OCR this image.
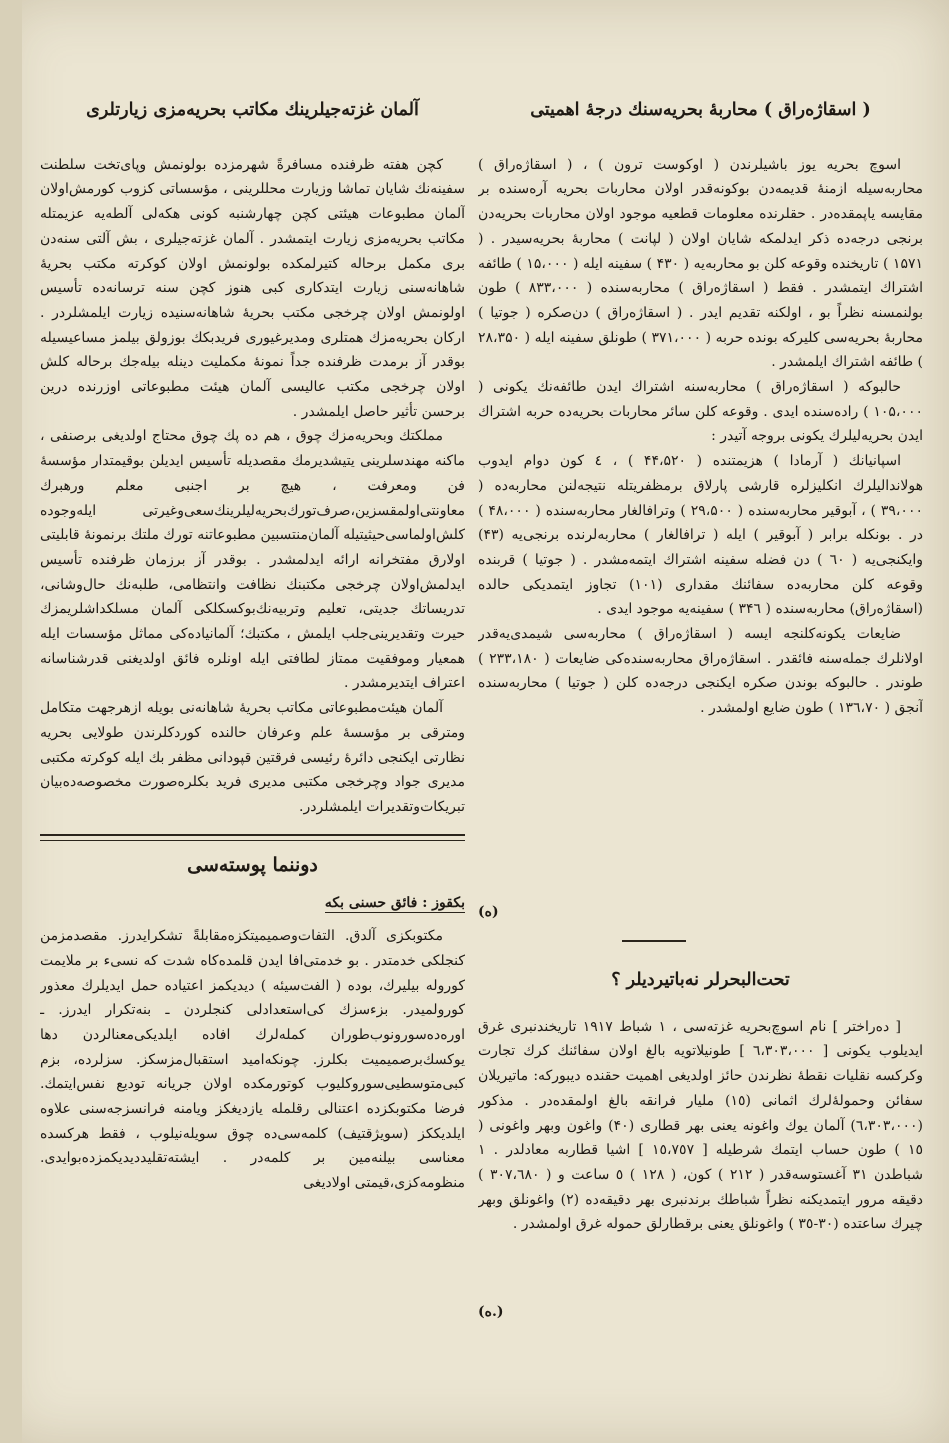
( اسقاژه‌راق ) محاربهٔ بحریه‌سنك درجهٔ اهمیتی

اسوچ بحریه یوز باشیلرندن ( اوکوست ترون ) ، ( اسقاژه‌راق ) محاربه‌سیله ازمنهٔ قدیمه‌دن بوکونه‌قدر اولان محاربات بحریه آره‌سنده بر مقایسه یاپمقده‌در . حقلرنده معلومات قطعیه موجود اولان محاربات بحریه‌دن برنجی درجه‌ده ذکر ایدلمکه شایان اولان ( لپانت ) محاربهٔ بحریه‌سیدر . ( ۱۵۷۱ ) تاریخنده وقوعه کلن بو محاربه‌یه ( ۴۳۰ ) سفینه ایله ( ۱۵،۰۰۰ ) طائفه اشتراك ایتمشدر . فقط ( اسقاژه‌راق ) محاربه‌سنده ( ۸۳۳،۰۰۰ ) طون بولنمسنه نظراً بو ، اولکنه تقدیم ایدر . ( اسقاژه‌راق ) دن‌صکره ( جوتیا ) محاربهٔ بحریه‌سی کلیرکه بونده حربه ( ۳۷۱،۰۰۰ ) طونلق سفینه ایله ( ۲۸،۳۵۰ ) طائفه اشتراك ایلمشدر .

حالبوکه ( اسقاژه‌راق ) محاربه‌سنه اشتراك ایدن طائفه‌نك یکونی ( ۱۰۵،۰۰۰ ) راده‌سنده ایدی . وقوعه کلن سائر محاربات بحریه‌ده حربه اشتراك ایدن بحریه‌لیلرك یکونی بروجه آتیدر :

اسپانیانك ( آرمادا ) هزیمتنده ( ۴۴،۵۲۰ ) ، ٤ کون دوام ایدوب هولاندالیلرك انکلیزلره قارشی پارلاق برمظفریتله نتیجه‌لنن محاربه‌ده ( ۳۹،۰۰۰ ) ، آبوقیر محاربه‌سنده ( ۲۹،۵۰۰ ) وترافالغار محاربه‌سنده ( ۴۸،۰۰۰ ) در . بونکله برابر ( آبوقیر ) ایله ( ترافالغار ) محاربه‌لرنده برنجی‌یه (۴۳) وایکنجی‌یه ( ٦۰ ) دن فضله سفینه اشتراك ایتمه‌مشدر . ( جوتیا ) قربنده وقوعه کلن محاربه‌ده سفائنك مقداری (۱۰۱) تجاوز ایتمدیکی حالده (اسقاژه‌راق) محاربه‌سنده ( ۳۴٦ ) سفینه‌یه موجود ایدی .

ضایعات یکونه‌کلنجه ایسه ( اسقاژه‌راق ) محاربه‌سی شیمدی‌یه‌قدر اولانلرك جمله‌سنه فائقدر . اسقاژه‌راق محاربه‌سنده‌کی ضایعات ( ۲۳۳،۱۸۰ ) طوندر . حالبوکه بوندن صکره ایکنجی درجه‌ده کلن ( جوتیا ) محاربه‌سنده آنجق ( ۱۳٦،۷۰ ) طون ضایع اولمشدر .

(ه)
تحت‌البحرلر نه‌باتیردیلر ؟

[ ده‌راختر ] نام اسوچ‌بحریه غزته‌سی ، ۱ شباط ۱۹۱۷ تاریخندنبری غرق ایدیلوب یکونی [ ٦،۳۰۳،۰۰۰ ] طونیلاتویه بالغ اولان سفائنك کرك تجارت وکرکسه نقلیات نقطهٔ نظرندن حائز اولدیغی اهمیت حقنده دیبورکه: ماتیریلان سفائن وحمولهٔ‌لرك اثمانی (۱٥) ملیار فرانقه بالغ اولمقده‌در . مذکور (٦،۳۰۳،۰۰۰) آلمان یوك واغونه یعنی بهر قطاری (۴۰) واغون وبهر واغونی ( ۱٥ ) طون حساب ایتمك شرطیله [ ۱٥،۷٥۷ ] اشیا قطاربه معادلدر . ۱ شباطدن ۳۱ آغستوسه‌قدر ( ۲۱۲ ) کون، ( ۱۲۸ ) ٥ ساعت و ( ۳۰۷،٦۸۰ ) دقیقه مرور ایتمدیکنه نظراً شباطك برندنبری بهر دقیقه‌ده (۲) واغونلق وبهر چیرك ساعتده (۳۰-۳٥ ) واغونلق یعنی برقطارلق حموله غرق اولمشدر .

(ه.)
آلمان غزته‌جیلرینك مکاتب بحریه‌مزی زیارتلری

کچن هفته ظرفنده مسافرةً شهرمزده بولونمش وپای‌تخت سلطنت سفینه‌نك شایان تماشا وزیارت محللرینی ، مؤسساتی کزوب کورمش‌اولان آلمان مطبوعات هیئتی کچن چهارشنبه کونی هکه‌لی آلطه‌یه عزیمتله مکاتب بحریه‌مزی زیارت ایتمشدر . آلمان غزته‌جیلری ، بش آلتی سنه‌دن بری مکمل برحاله کتیرلمکده بولونمش اولان کوکرته مکتب بحریهٔ شاهانه‌سنی زیارت ایتدکاری کبی هنوز کچن سنه ترسانه‌ده تأسیس اولونمش اولان چرخجی مکتب بحریهٔ شاهانه‌سنیده زیارت ایلمشلردر . ارکان بحریه‌مزك همتلری ومدیرغیوری فریدبکك بوزولق بیلمز مساعیسیله بوقدر آز برمدت ظرفنده جداً نمونهٔ مکملیت دینله بیله‌جك برحاله کلش اولان چرخجی مکتب عالیسی آلمان هیئت مطبوعاتی اوزرنده درین برحسن تأثیر حاصل ایلمشدر .

مملکتك وبحریه‌مزك چوق ، هم ده پك چوق محتاج اولدیغی برصنفی ، ماکنه مهندسلرینی یتیشدیرمك مقصدیله تأسیس ایدیلن بوقیمتدار مؤسسهٔ فن ومعرفت ، هیچ بر اجنبی معلم ورهبرك معاونتی‌اولمقسزین،صرف‌تورك‌بحریه‌لیلرینك‌سعی‌وغیرتی ایله‌وجوده کلش‌اولماسی‌حیثیتیله آلمان‌منتسبین مطبوعاتنه تورك ملتك برنمونهٔ قابلیتی اولارق مفتخرانه ارائه ایدلمشدر . بوقدر آز برزمان ظرفنده تأسیس ایدلمش‌اولان چرخجی مکتبنك نظافت وانتظامی، طلبه‌نك حال‌وشانی، تدریساتك جدیتی، تعلیم وتربیه‌نك‌بوکسکلکی آلمان مسلکداشلریمزك حیرت وتقدیرینی‌جلب ایلمش ، مکتبك؛ آلمانیاده‌کی مماثل مؤسسات ایله همعیار وموفقیت ممتاز لطافتی ایله اونلره فائق اولدیغنی قدرشناسانه اعتراف ایتدیرمشدر .

آلمان هیئت‌مطبوعاتی مکاتب بحریهٔ شاهانه‌نی بویله ازهرجهت متکامل ومترقی بر مؤسسهٔ علم وعرفان حالنده کوردکلرندن طولایی بحریه نظارتی ایکنجی دائرهٔ رئیسی فرقتین قپودانی مظفر بك ایله کوکرته مکتبی مدیری جواد وچرخجی مکتبی مدیری فرید بکلره‌صورت مخصوصه‌ده‌بیان تبریکات‌وتقدیرات ایلمشلردر.

دوننما پوسته‌سی
بکقوز : فائق حسنی بکه

مکتوبکزی آلدق. التفات‌وصمیمیتکزه‌مقابلةً تشکرایدرز. مقصدمزمن کنجلکی خدمتدر . بو خدمتی‌افا ایدن قلمده‌کاه شدت که نسیء بر ملایمت کوروله بیلیرك، بوده ( الفت‌سیئه ) دیدیکمز اعتیاده حمل ایدیلرك معذور کورولمیدر. بزءسزك کی‌استعدادلی کنجلردن ـ بنه‌تکرار ایدرز. ـ اوره‌ده‌سورونوب‌طوران کمله‌لرك افاده ایلدیکی‌معنالردن دها یوکسك‌برصمیمیت بکلرز. چونکه‌امید استقبال‌مزسکز. سزلرده، بزم کبی‌متوسطیی‌سوروکلیوب کوتورمکده اولان جریانه تودیع نفس‌ایتمك. فرضا مکتوبکزده اعتنالی رقلمله یازدیغکز ویامنه فرانسزجه‌سنی علاوه ایلدیککز (سویژقتیف) کلمه‌سی‌ده چوق سویله‌نیلوب ، فقط هرکسده معناسی بیلنه‌مین بر کلمه‌در . ایشته‌تقلیددیدیکمزده‌بوایدی. منظومه‌کزی‌،قیمتی اولادیغی
